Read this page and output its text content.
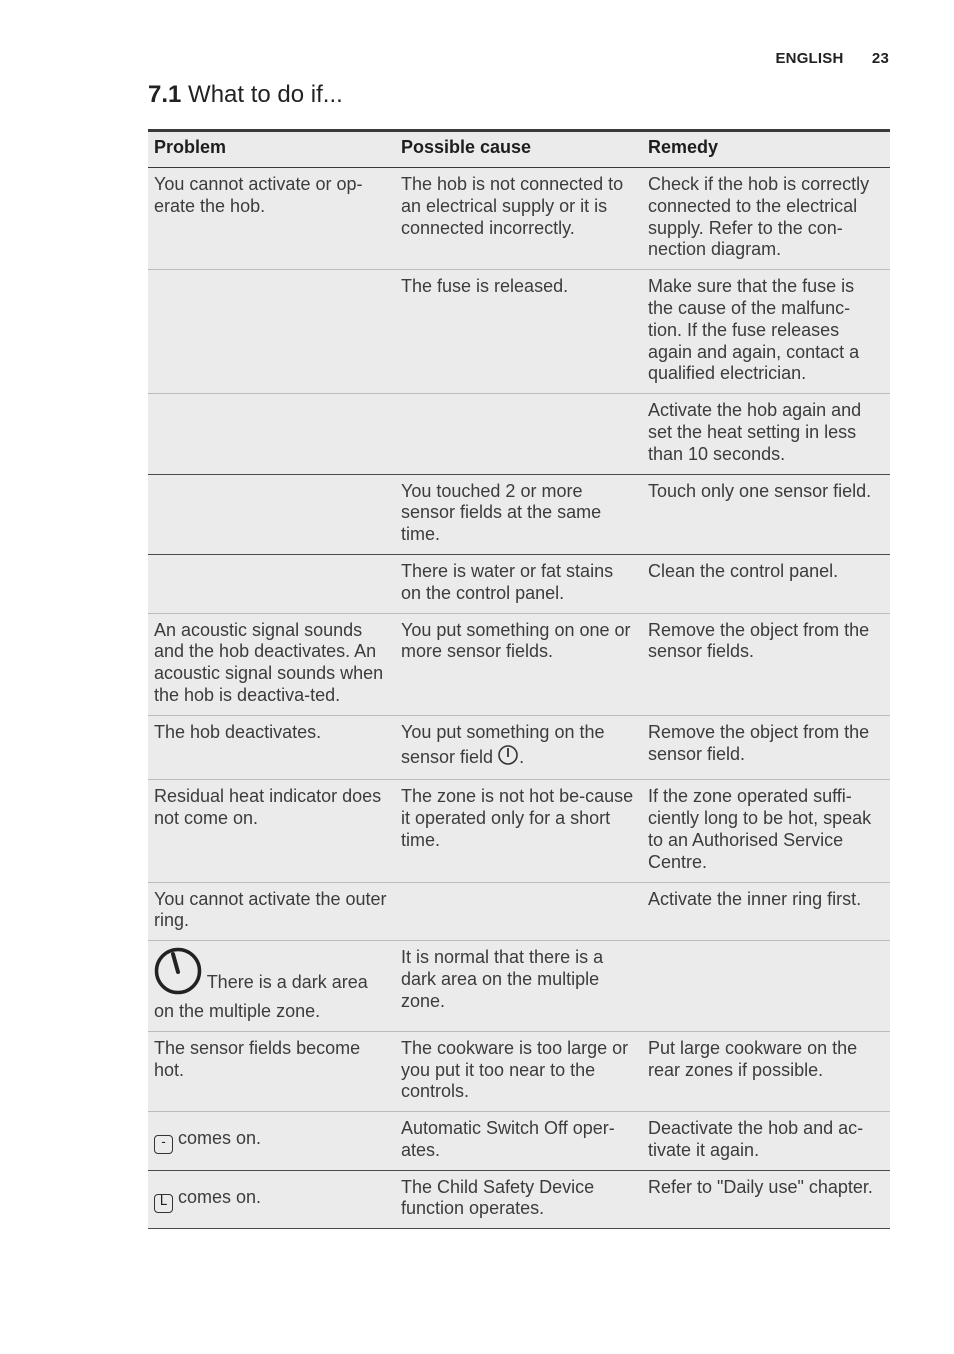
ENGLISH 23
7.1 What to do if...
Problem	Possible cause	Remedy
You cannot activate or op-erate the hob.	The hob is not connected to an electrical supply or it is connected incorrectly.	Check if the hob is correctly connected to the electrical supply. Refer to the con-nection diagram.
	The fuse is released.	Make sure that the fuse is the cause of the malfunc-tion. If the fuse releases again and again, contact a qualified electrician.
		Activate the hob again and set the heat setting in less than 10 seconds.
	You touched 2 or more sensor fields at the same time.	Touch only one sensor field.
	There is water or fat stains on the control panel.	Clean the control panel.
An acoustic signal sounds and the hob deactivates. An acoustic signal sounds when the hob is deactiva-ted.	You put something on one or more sensor fields.	Remove the object from the sensor fields.
The hob deactivates.	You put something on the sensor field .	Remove the object from the sensor field.
Residual heat indicator does not come on.	The zone is not hot be-cause it operated only for a short time.	If the zone operated suffi-ciently long to be hot, speak to an Authorised Service Centre.
You cannot activate the outer ring.		Activate the inner ring first.
There is a dark area on the multiple zone.	It is normal that there is a dark area on the multiple zone.	
The sensor fields become hot.	The cookware is too large or you put it too near to the controls.	Put large cookware on the rear zones if possible.
- comes on.	Automatic Switch Off oper-ates.	Deactivate the hob and ac-tivate it again.
L comes on.	The Child Safety Device function operates.	Refer to "Daily use" chapter.
